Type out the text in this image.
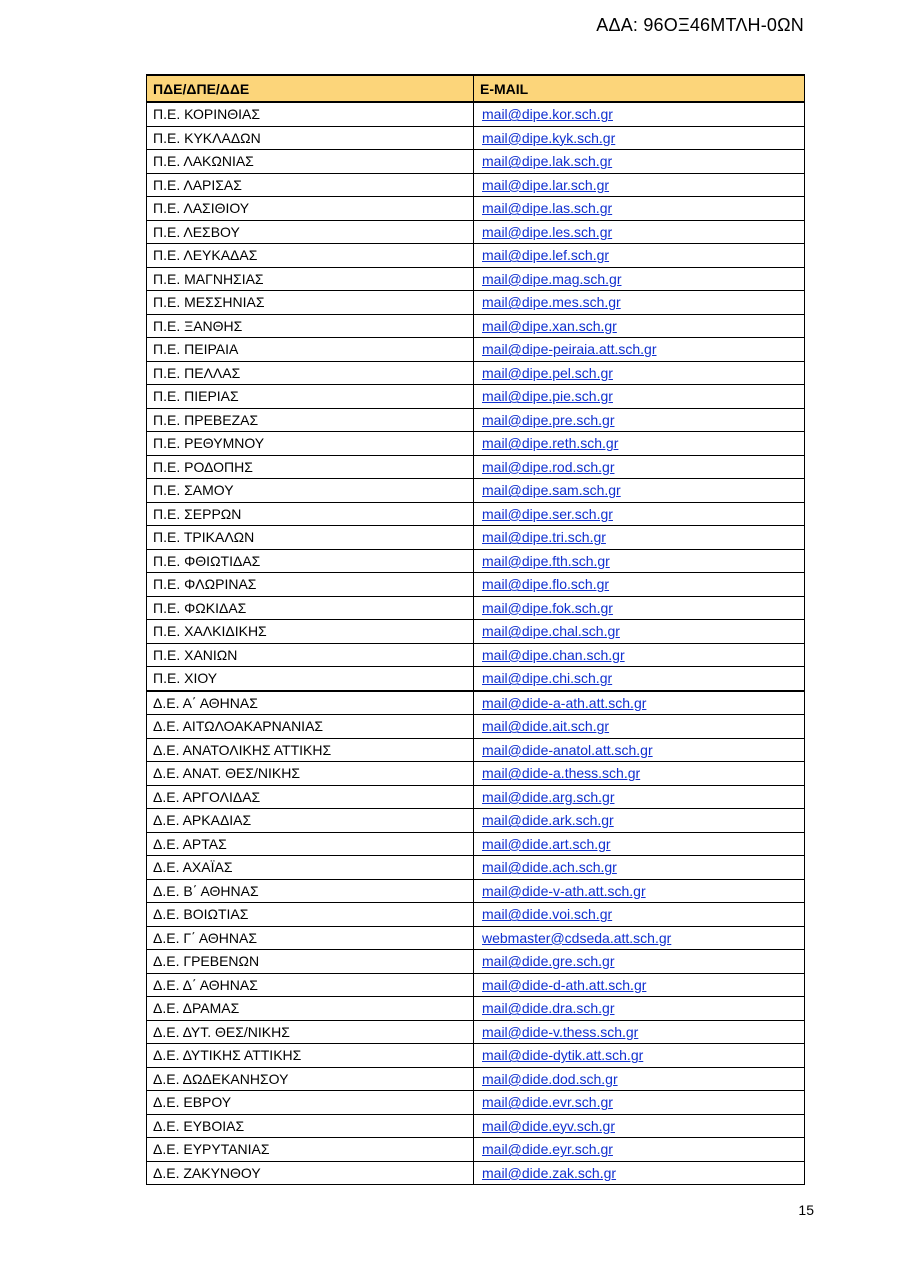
ΑΔΑ: 96ΟΞ46ΜΤΛΗ-0ΩΝ
ΠΔΕ/ΔΠΕ/ΔΔΕ	E-MAIL
Π.Ε. ΚΟΡΙΝΘΙΑΣ	mail@dipe.kor.sch.gr
Π.Ε. ΚΥΚΛΑΔΩΝ	mail@dipe.kyk.sch.gr
Π.Ε. ΛΑΚΩΝΙΑΣ	mail@dipe.lak.sch.gr
Π.Ε. ΛΑΡΙΣΑΣ	mail@dipe.lar.sch.gr
Π.Ε. ΛΑΣΙΘΙΟΥ	mail@dipe.las.sch.gr
Π.Ε. ΛΕΣΒΟΥ	mail@dipe.les.sch.gr
Π.Ε. ΛΕΥΚΑΔΑΣ	mail@dipe.lef.sch.gr
Π.Ε. ΜΑΓΝΗΣΙΑΣ	mail@dipe.mag.sch.gr
Π.Ε. ΜΕΣΣΗΝΙΑΣ	mail@dipe.mes.sch.gr
Π.Ε. ΞΑΝΘΗΣ	mail@dipe.xan.sch.gr
Π.Ε. ΠΕΙΡΑΙΑ	mail@dipe-peiraia.att.sch.gr
Π.Ε. ΠΕΛΛΑΣ	mail@dipe.pel.sch.gr
Π.Ε. ΠΙΕΡΙΑΣ	mail@dipe.pie.sch.gr
Π.Ε. ΠΡΕΒΕΖΑΣ	mail@dipe.pre.sch.gr
Π.Ε. ΡΕΘΥΜΝΟΥ	mail@dipe.reth.sch.gr
Π.Ε. ΡΟΔΟΠΗΣ	mail@dipe.rod.sch.gr
Π.Ε. ΣΑΜΟΥ	mail@dipe.sam.sch.gr
Π.Ε. ΣΕΡΡΩΝ	mail@dipe.ser.sch.gr
Π.Ε. ΤΡΙΚΑΛΩΝ	mail@dipe.tri.sch.gr
Π.Ε. ΦΘΙΩΤΙΔΑΣ	mail@dipe.fth.sch.gr
Π.Ε. ΦΛΩΡΙΝΑΣ	mail@dipe.flo.sch.gr
Π.Ε. ΦΩΚΙΔΑΣ	mail@dipe.fok.sch.gr
Π.Ε. ΧΑΛΚΙΔΙΚΗΣ	mail@dipe.chal.sch.gr
Π.Ε. ΧΑΝΙΩΝ	mail@dipe.chan.sch.gr
Π.Ε. ΧΙΟΥ	mail@dipe.chi.sch.gr
Δ.Ε. Α΄ ΑΘΗΝΑΣ	mail@dide-a-ath.att.sch.gr
Δ.Ε. ΑΙΤΩΛΟΑΚΑΡΝΑΝΙΑΣ	mail@dide.ait.sch.gr
Δ.Ε. ΑΝΑΤΟΛΙΚΗΣ ΑΤΤΙΚΗΣ	mail@dide-anatol.att.sch.gr
Δ.Ε. ΑΝΑΤ. ΘΕΣ/ΝΙΚΗΣ	mail@dide-a.thess.sch.gr
Δ.Ε. ΑΡΓΟΛΙΔΑΣ	mail@dide.arg.sch.gr
Δ.Ε. ΑΡΚΑΔΙΑΣ	mail@dide.ark.sch.gr
Δ.Ε. ΑΡΤΑΣ	mail@dide.art.sch.gr
Δ.Ε. ΑΧΑΪΑΣ	mail@dide.ach.sch.gr
Δ.Ε. Β΄ ΑΘΗΝΑΣ	mail@dide-v-ath.att.sch.gr
Δ.Ε. ΒΟΙΩΤΙΑΣ	mail@dide.voi.sch.gr
Δ.Ε. Γ΄ ΑΘΗΝΑΣ	webmaster@cdseda.att.sch.gr
Δ.Ε. ΓΡΕΒΕΝΩΝ	mail@dide.gre.sch.gr
Δ.Ε. Δ΄ ΑΘΗΝΑΣ	mail@dide-d-ath.att.sch.gr
Δ.Ε. ΔΡΑΜΑΣ	mail@dide.dra.sch.gr
Δ.Ε. ΔΥΤ. ΘΕΣ/ΝΙΚΗΣ	mail@dide-v.thess.sch.gr
Δ.Ε. ΔΥΤΙΚΗΣ ΑΤΤΙΚΗΣ	mail@dide-dytik.att.sch.gr
Δ.Ε. ΔΩΔΕΚΑΝΗΣΟΥ	mail@dide.dod.sch.gr
Δ.Ε. ΕΒΡΟΥ	mail@dide.evr.sch.gr
Δ.Ε. ΕΥΒΟΙΑΣ	mail@dide.eyv.sch.gr
Δ.Ε. ΕΥΡΥΤΑΝΙΑΣ	mail@dide.eyr.sch.gr
Δ.Ε. ΖΑΚΥΝΘΟΥ	mail@dide.zak.sch.gr
15
